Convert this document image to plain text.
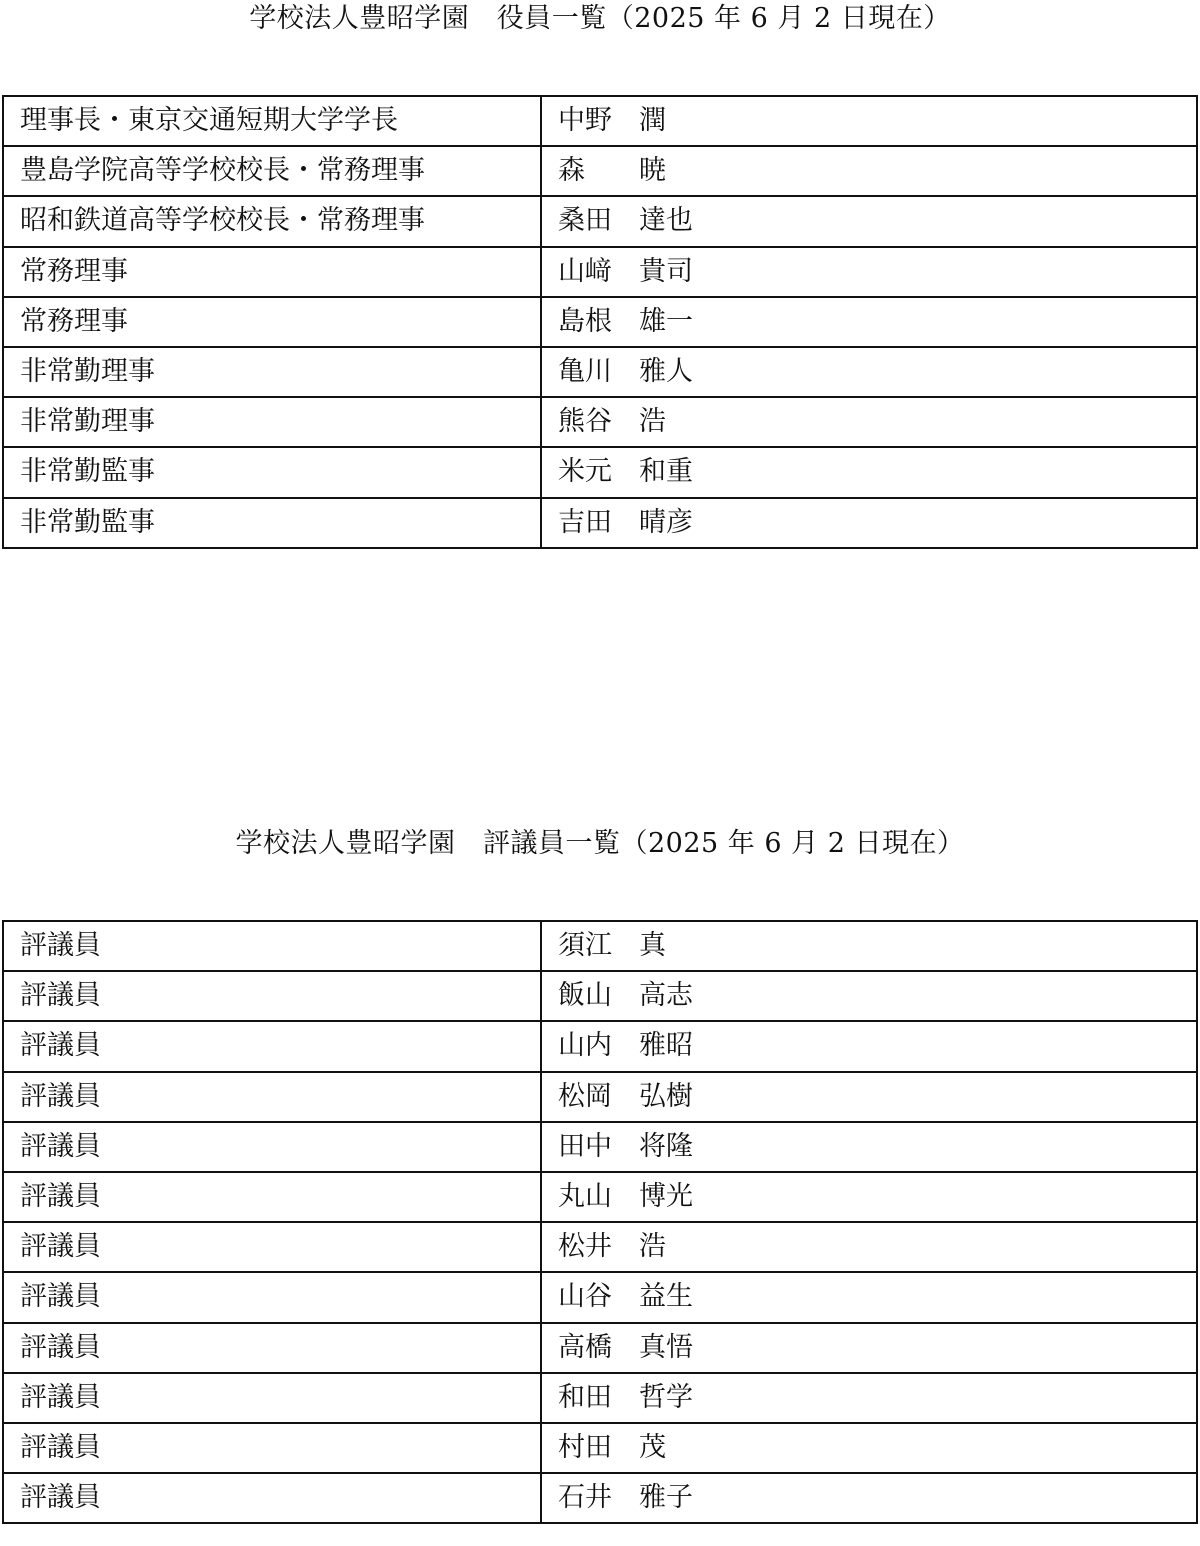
学校法人豊昭学園　役員一覧（2025 年 6 月 2 日現在）
理事長・東京交通短期大学学長	中野　潤
豊島学院高等学校校長・常務理事	森　　暁
昭和鉄道高等学校校長・常務理事	桑田　達也
常務理事	山﨑　貴司
常務理事	島根　雄一
非常勤理事	亀川　雅人
非常勤理事	熊谷　浩
非常勤監事	米元　和重
非常勤監事	吉田　晴彦
学校法人豊昭学園　評議員一覧（2025 年 6 月 2 日現在）
評議員	須江　真
評議員	飯山　高志
評議員	山内　雅昭
評議員	松岡　弘樹
評議員	田中　将隆
評議員	丸山　博光
評議員	松井　浩
評議員	山谷　益生
評議員	高橋　真悟
評議員	和田　哲学
評議員	村田　茂
評議員	石井　雅子
